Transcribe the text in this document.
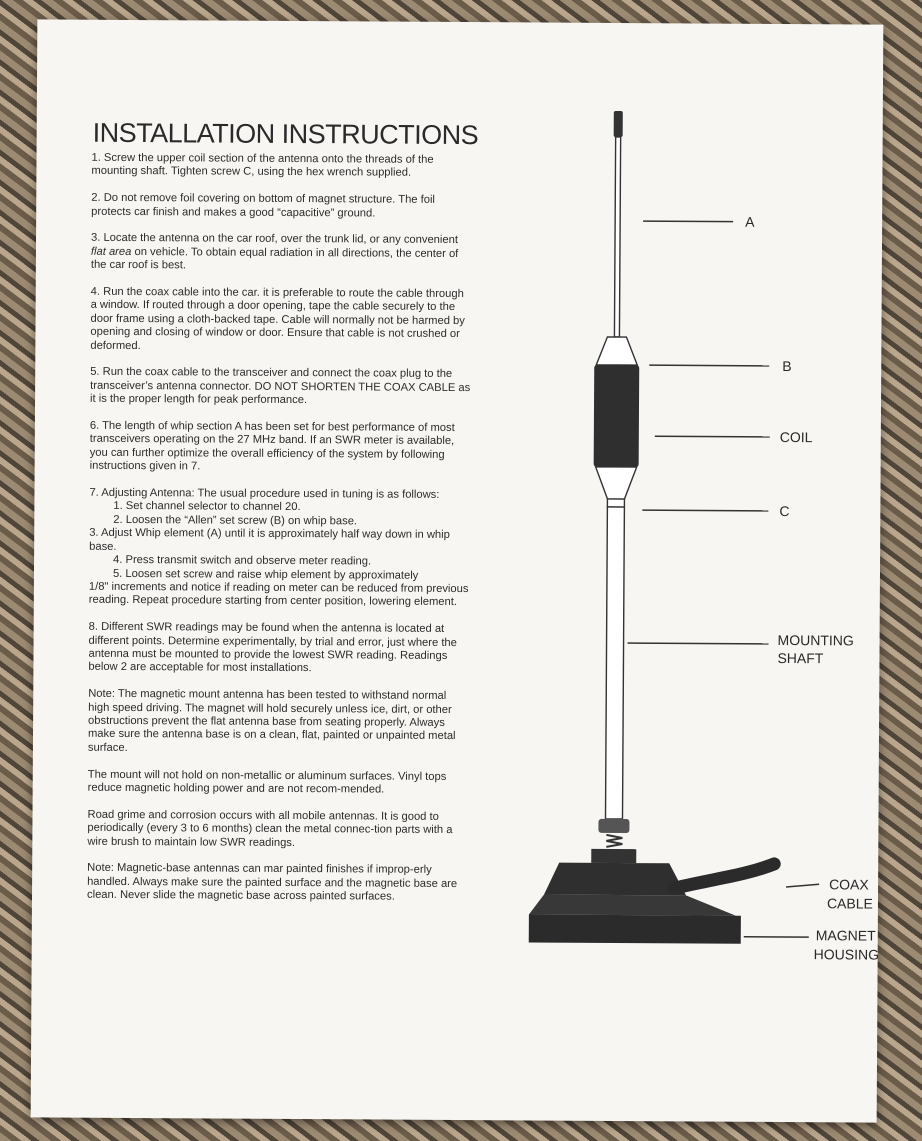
INSTALLATION INSTRUCTIONS

1. Screw the upper coil section of the antenna onto the threads of the mounting shaft. Tighten screw C, using the hex wrench supplied.

2. Do not remove foil covering on bottom of magnet structure. The foil protects car finish and makes a good “capacitive” ground.

3. Locate the antenna on the car roof, over the trunk lid, or any convenient flat area on vehicle. To obtain equal radiation in all directions, the center of the car roof is best.

4. Run the coax cable into the car. it is preferable to route the cable through a window. If routed through a door opening, tape the cable securely to the door frame using a cloth-backed tape. Cable will normally not be harmed by opening and closing of window or door. Ensure that cable is not crushed or deformed.

5. Run the coax cable to the transceiver and connect the coax plug to the transceiver’s antenna connector. DO NOT SHORTEN THE COAX CABLE as it is the proper length for peak performance.

6. The length of whip section A has been set for best performance of most transceivers operating on the 27 MHz band. If an SWR meter is available, you can further optimize the overall efficiency of the system by following instructions given in 7.

7. Adjusting Antenna: The usual procedure used in tuning is as follows:

1. Set channel selector to channel 20.

2. Loosen the “Allen” set screw (B) on whip base.

3. Adjust Whip element (A) until it is approximately half way down in whip base.

4. Press transmit switch and observe meter reading.

5. Loosen set screw and raise whip element by approximately

1/8" increments and notice if reading on meter can be reduced from previous reading. Repeat procedure starting from center position, lowering element.

8. Different SWR readings may be found when the antenna is located at different points. Determine experimentally, by trial and error, just where the antenna must be mounted to provide the lowest SWR reading. Readings below 2 are acceptable for most installations.

Note: The magnetic mount antenna has been tested to withstand normal high speed driving. The magnet will hold securely unless ice, dirt, or other obstructions prevent the flat antenna base from seating properly. Always make sure the antenna base is on a clean, flat, painted or unpainted metal surface.

The mount will not hold on non-metallic or aluminum surfaces. Vinyl tops reduce magnetic holding power and are not recom-mended.

Road grime and corrosion occurs with all mobile antennas. It is good to periodically (every 3 to 6 months) clean the metal connec-tion parts with a wire brush to maintain low SWR readings.

Note: Magnetic-base antennas can mar painted finishes if improp-erly handled. Always make sure the painted surface and the magnetic base are clean. Never slide the magnetic base across painted surfaces.

A
B
COIL
C
MOUNTING
SHAFT
COAX
CABLE
MAGNET
HOUSING
